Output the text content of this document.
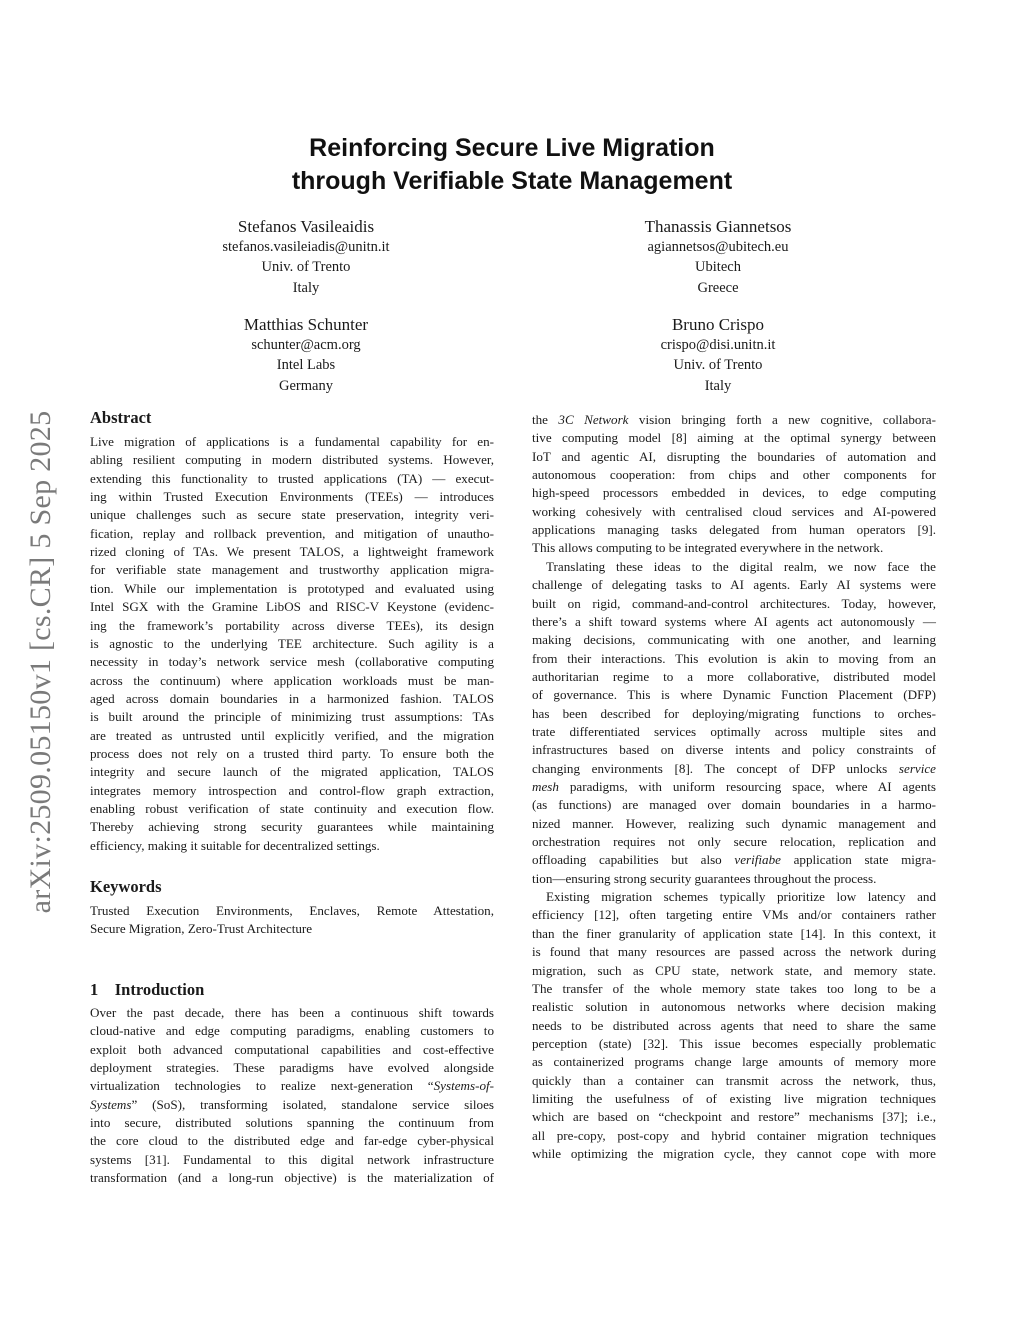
arXiv:2509.05150v1 [cs.CR] 5 Sep 2025
Reinforcing Secure Live Migration
through Verifiable State Management
Stefanos Vasileaidis
stefanos.vasileiadis@unitn.it
Univ. of Trento
Italy
Thanassis Giannetsos
agiannetsos@ubitech.eu
Ubitech
Greece
Matthias Schunter
schunter@acm.org
Intel Labs
Germany
Bruno Crispo
crispo@disi.unitn.it
Univ. of Trento
Italy
Abstract
Live migration of applications is a fundamental capability for en-
abling resilient computing in modern distributed systems. However,
extending this functionality to trusted applications (TA) — execut-
ing within Trusted Execution Environments (TEEs) — introduces
unique challenges such as secure state preservation, integrity veri-
fication, replay and rollback prevention, and mitigation of unautho-
rized cloning of TAs. We present TALOS, a lightweight framework
for verifiable state management and trustworthy application migra-
tion. While our implementation is prototyped and evaluated using
Intel SGX with the Gramine LibOS and RISC-V Keystone (evidenc-
ing the framework’s portability across diverse TEEs), its design
is agnostic to the underlying TEE architecture. Such agility is a
necessity in today’s network service mesh (collaborative computing
across the continuum) where application workloads must be man-
aged across domain boundaries in a harmonized fashion. TALOS
is built around the principle of minimizing trust assumptions: TAs
are treated as untrusted until explicitly verified, and the migration
process does not rely on a trusted third party. To ensure both the
integrity and secure launch of the migrated application, TALOS
integrates memory introspection and control-flow graph extraction,
enabling robust verification of state continuity and execution flow.
Thereby achieving strong security guarantees while maintaining
efficiency, making it suitable for decentralized settings.
Keywords
Trusted Execution Environments, Enclaves, Remote Attestation,
Secure Migration, Zero-Trust Architecture
1    Introduction
Over the past decade, there has been a continuous shift towards
cloud-native and edge computing paradigms, enabling customers to
exploit both advanced computational capabilities and cost-effective
deployment strategies. These paradigms have evolved alongside
virtualization technologies to realize next-generation “Systems-of-
Systems” (SoS), transforming isolated, standalone service siloes
into secure, distributed solutions spanning the continuum from
the core cloud to the distributed edge and far-edge cyber-physical
systems [31]. Fundamental to this digital network infrastructure
transformation (and a long-run objective) is the materialization of
the 3C Network vision bringing forth a new cognitive, collabora-
tive computing model [8] aiming at the optimal synergy between
IoT and agentic AI, disrupting the boundaries of automation and
autonomous cooperation: from chips and other components for
high-speed processors embedded in devices, to edge computing
working cohesively with centralised cloud services and AI-powered
applications managing tasks delegated from human operators [9].
This allows computing to be integrated everywhere in the network.
Translating these ideas to the digital realm, we now face the
challenge of delegating tasks to AI agents. Early AI systems were
built on rigid, command-and-control architectures. Today, however,
there’s a shift toward systems where AI agents act autonomously —
making decisions, communicating with one another, and learning
from their interactions. This evolution is akin to moving from an
authoritarian regime to a more collaborative, distributed model
of governance. This is where Dynamic Function Placement (DFP)
has been described for deploying/migrating functions to orches-
trate differentiated services optimally across multiple sites and
infrastructures based on diverse intents and policy constraints of
changing environments [8]. The concept of DFP unlocks service
mesh paradigms, with uniform resourcing space, where AI agents
(as functions) are managed over domain boundaries in a harmo-
nized manner. However, realizing such dynamic management and
orchestration requires not only secure relocation, replication and
offloading capabilities but also verifiabe application state migra-
tion—ensuring strong security guarantees throughout the process.
Existing migration schemes typically prioritize low latency and
efficiency [12], often targeting entire VMs and/or containers rather
than the finer granularity of application state [14]. In this context, it
is found that many resources are passed across the network during
migration, such as CPU state, network state, and memory state.
The transfer of the whole memory state takes too long to be a
realistic solution in autonomous networks where decision making
needs to be distributed across agents that need to share the same
perception (state) [32]. This issue becomes especially problematic
as containerized programs change large amounts of memory more
quickly than a container can transmit across the network, thus,
limiting the usefulness of of existing live migration techniques
which are based on “checkpoint and restore” mechanisms [37]; i.e.,
all pre-copy, post-copy and hybrid container migration techniques
while optimizing the migration cycle, they cannot cope with more
